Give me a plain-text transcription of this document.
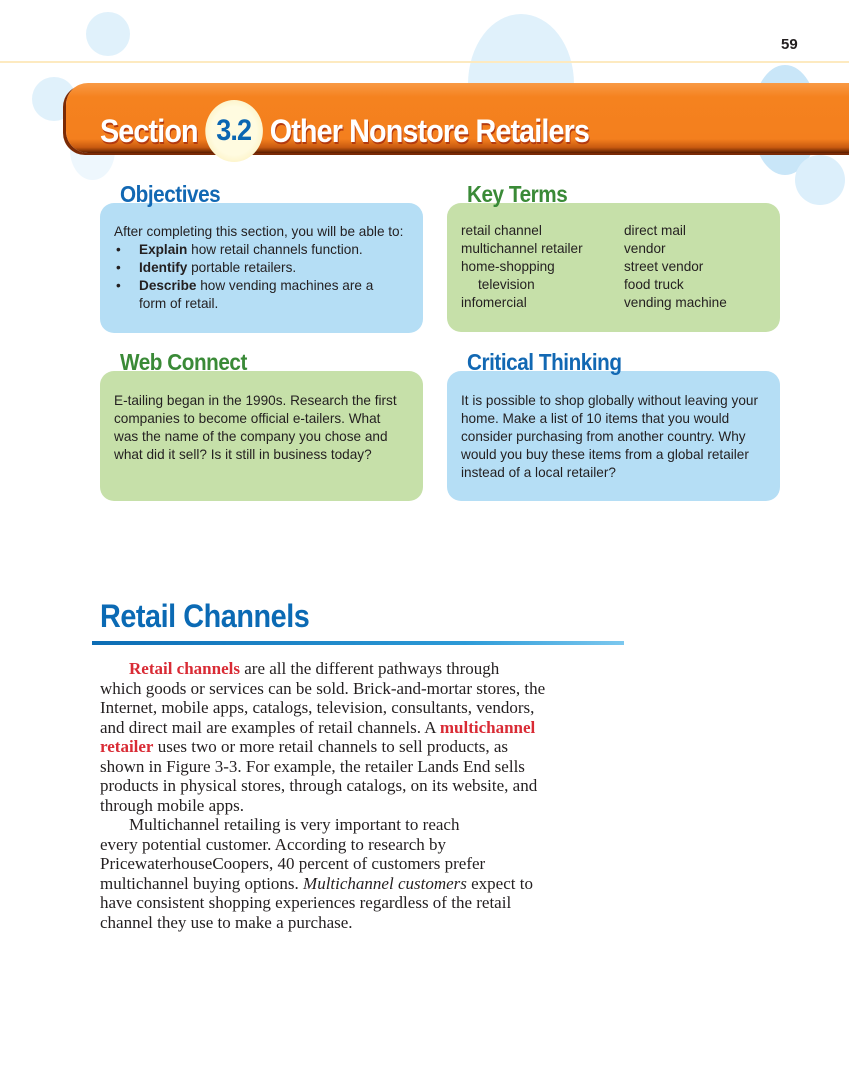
59
Section 3.2 Other Nonstore Retailers
After completing this section, you will be able to:
• Explain how retail channels function.
• Identify portable retailers.
• Describe how vending machines are a form of retail.
Objectives
retail channel
multichannel retailer
home-shopping
television
infomercial
direct mail
vendor
street vendor
food truck
vending machine
Key Terms
E-tailing began in the 1990s. Research the first companies to become official e-tailers. What was the name of the company you chose and what did it sell? Is it still in business today?
Web Connect
It is possible to shop globally without leaving your home. Make a list of 10 items that you would consider purchasing from another country. Why would you buy these items from a global retailer instead of a local retailer?
Critical Thinking
Retail Channels
Retail channels are all the different pathways through
which goods or services can be sold. Brick-and-mortar stores, the
Internet, mobile apps, catalogs, television, consultants, vendors,
and direct mail are examples of retail channels. A multichannel
retailer uses two or more retail channels to sell products, as
shown in Figure 3-3. For example, the retailer Lands End sells
products in physical stores, through catalogs, on its website, and
through mobile apps.
Multichannel retailing is very important to reach
every potential customer. According to research by
PricewaterhouseCoopers, 40 percent of customers prefer
multichannel buying options. Multichannel customers expect to
have consistent shopping experiences regardless of the retail
channel they use to make a purchase.
